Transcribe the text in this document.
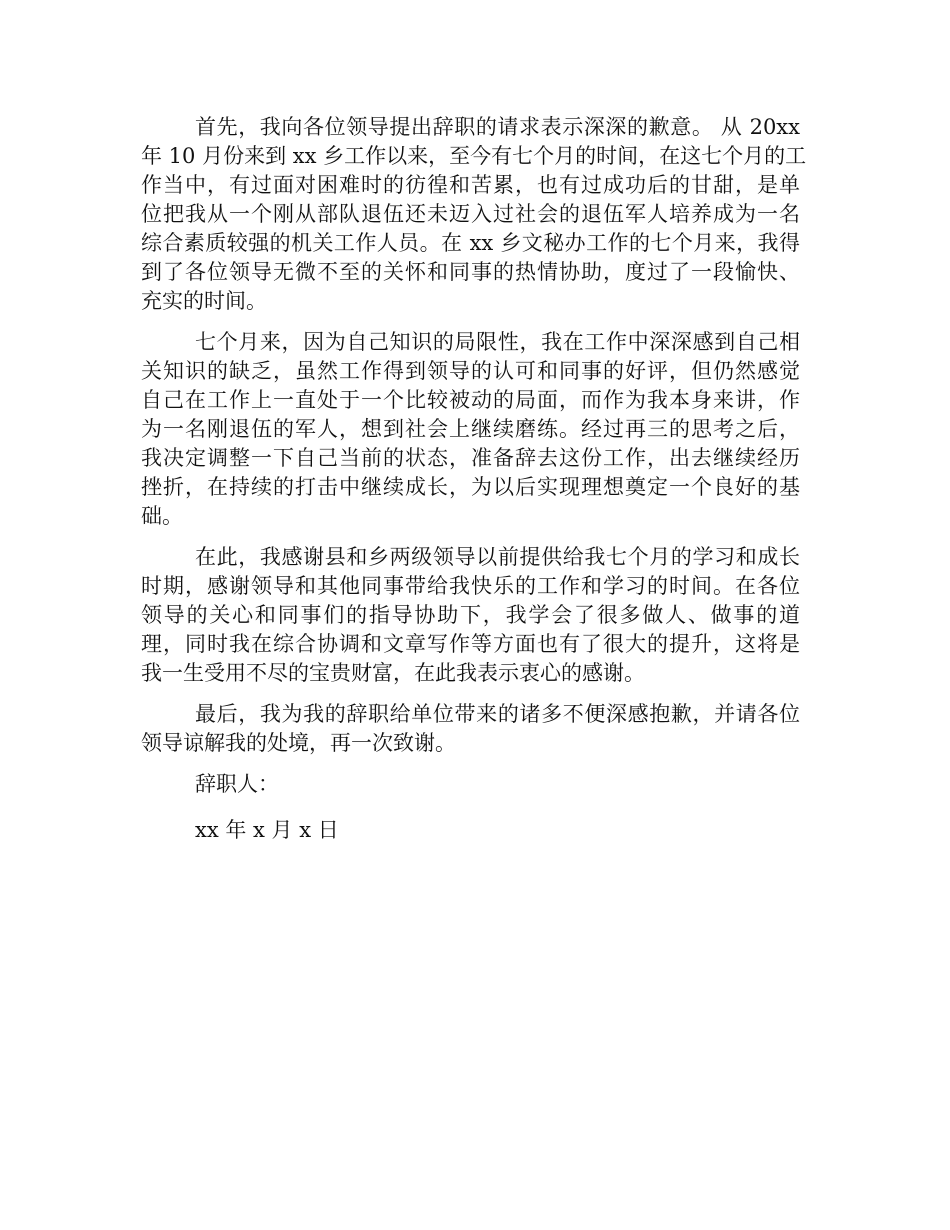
首先，我向各位领导提出辞职的请求表示深深的歉意。 从 20xx
年 10 月份来到 xx 乡工作以来，至今有七个月的时间，在这七个月的工
作当中，有过面对困难时的彷徨和苦累，也有过成功后的甘甜，是单
位把我从一个刚从部队退伍还未迈入过社会的退伍军人培养成为一名
综合素质较强的机关工作人员。在 xx 乡文秘办工作的七个月来，我得
到了各位领导无微不至的关怀和同事的热情协助，度过了一段愉快、
充实的时间。
七个月来，因为自己知识的局限性，我在工作中深深感到自己相
关知识的缺乏，虽然工作得到领导的认可和同事的好评，但仍然感觉
自己在工作上一直处于一个比较被动的局面，而作为我本身来讲，作
为一名刚退伍的军人，想到社会上继续磨练。经过再三的思考之后，
我决定调整一下自己当前的状态，准备辞去这份工作，出去继续经历
挫折，在持续的打击中继续成长，为以后实现理想奠定一个良好的基
础。
在此，我感谢县和乡两级领导以前提供给我七个月的学习和成长
时期，感谢领导和其他同事带给我快乐的工作和学习的时间。在各位
领导的关心和同事们的指导协助下，我学会了很多做人、做事的道
理，同时我在综合协调和文章写作等方面也有了很大的提升，这将是
我一生受用不尽的宝贵财富，在此我表示衷心的感谢。
最后，我为我的辞职给单位带来的诸多不便深感抱歉，并请各位
领导谅解我的处境，再一次致谢。
辞职人：
xx 年 x 月 x 日
